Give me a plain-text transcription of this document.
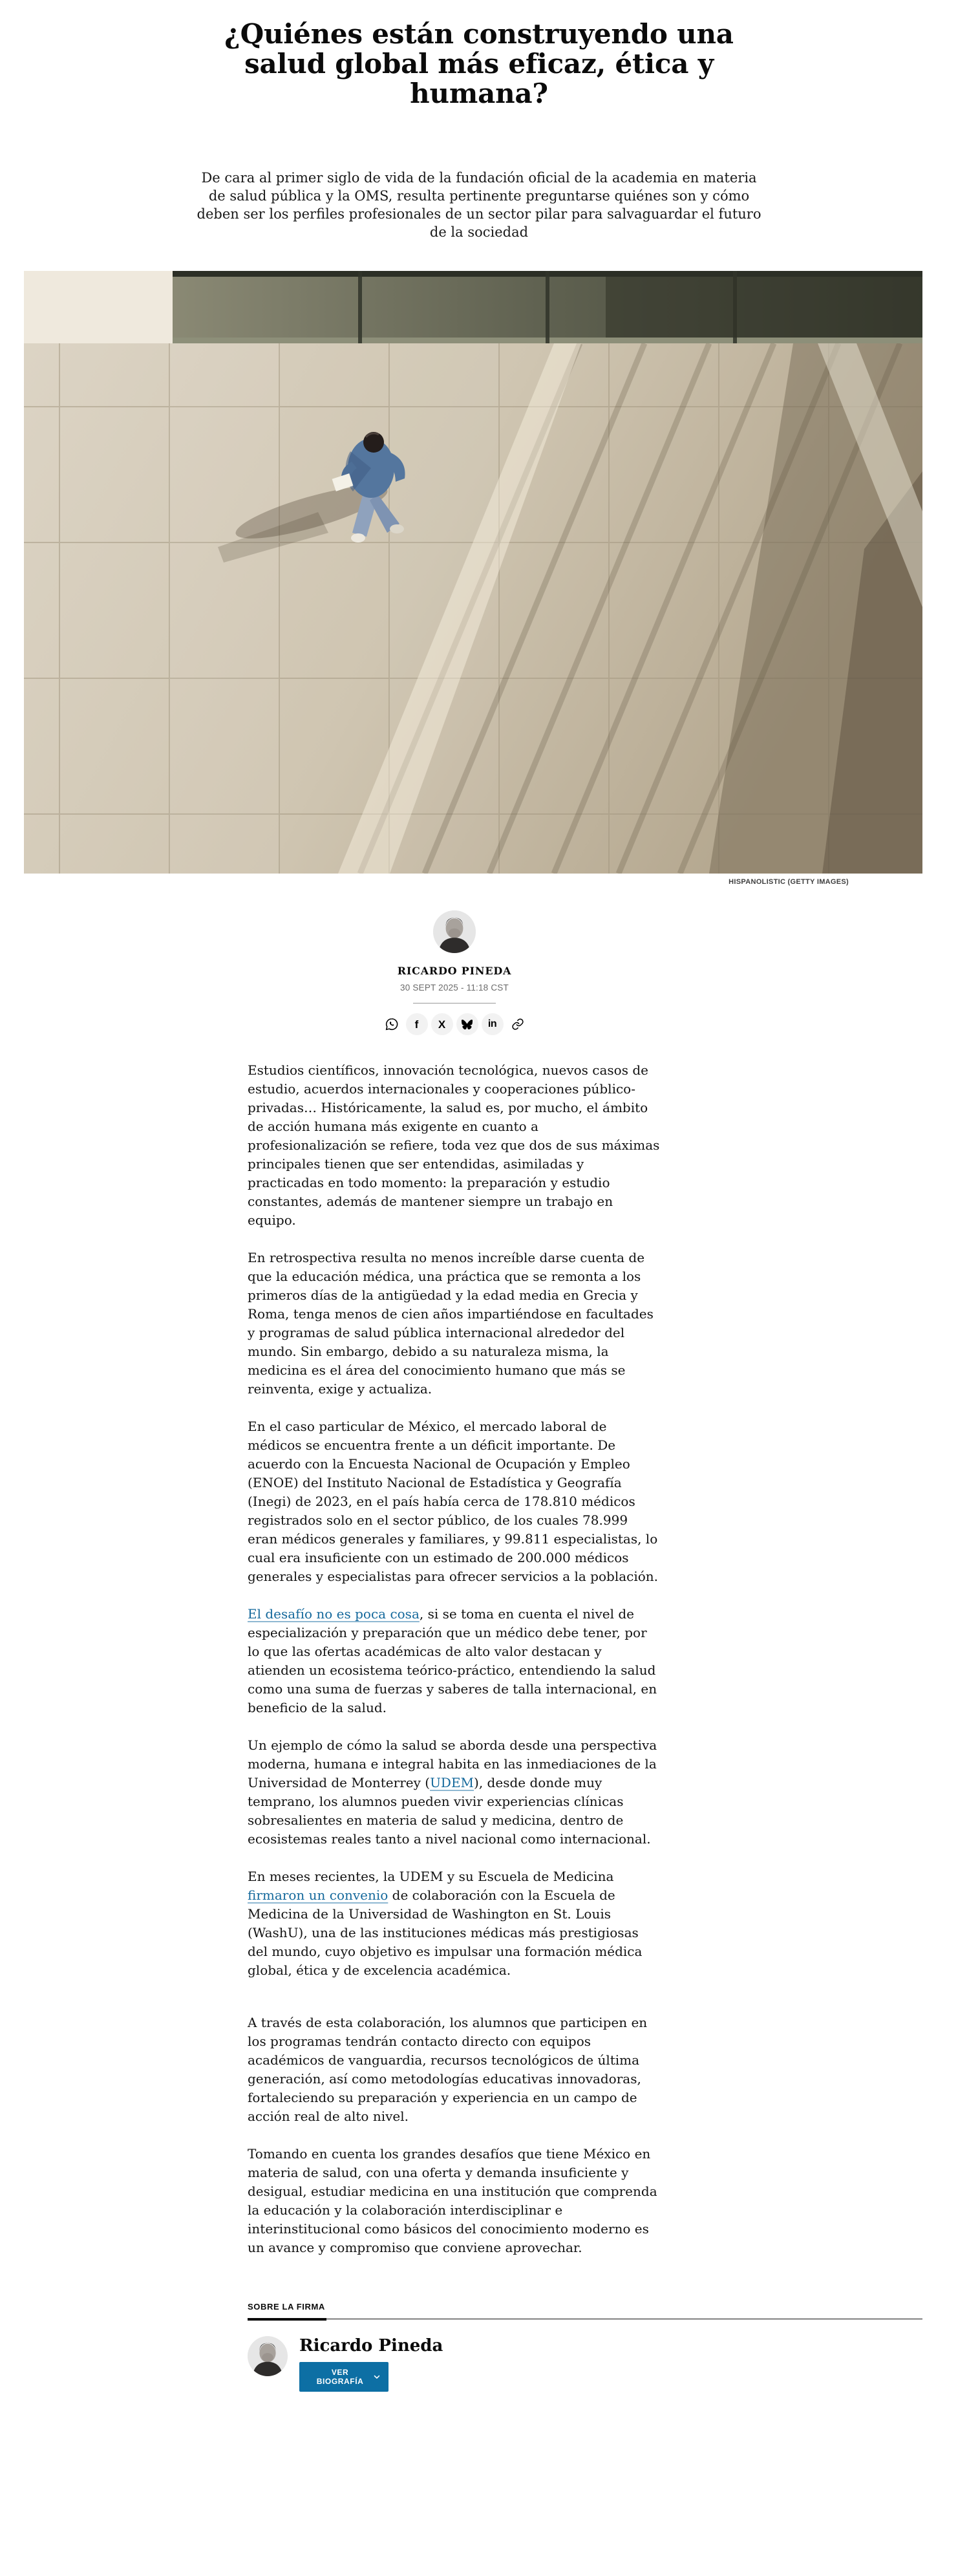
¿Quiénes están construyendo una salud global más eficaz, ética y humana?

De cara al primer siglo de vida de la fundación oficial de la academia en materia de salud pública y la OMS, resulta pertinente preguntarse quiénes son y cómo deben ser los perfiles profesionales de un sector pilar para salvaguardar el futuro de la sociedad

HISPANOLISTIC (GETTY IMAGES)
RICARDO PINEDA
30 SEPT 2025 - 11:18 CST
f X	in

Estudios científicos, innovación tecnológica, nuevos casos de estudio, acuerdos internacionales y cooperaciones público-privadas… Históricamente, la salud es, por mucho, el ámbito de acción humana más exigente en cuanto a profesionalización se refiere, toda vez que dos de sus máximas principales tienen que ser entendidas, asimiladas y practicadas en todo momento: la preparación y estudio constantes, además de mantener siempre un trabajo en equipo.

En retrospectiva resulta no menos increíble darse cuenta de que la educación médica, una práctica que se remonta a los primeros días de la antigüedad y la edad media en Grecia y Roma, tenga menos de cien años impartiéndose en facultades y programas de salud pública internacional alrededor del mundo. Sin embargo, debido a su naturaleza misma, la medicina es el área del conocimiento humano que más se reinventa, exige y actualiza.

En el caso particular de México, el mercado laboral de médicos se encuentra frente a un déficit importante. De acuerdo con la Encuesta Nacional de Ocupación y Empleo (ENOE) del Instituto Nacional de Estadística y Geografía (Inegi) de 2023, en el país había cerca de 178.810 médicos registrados solo en el sector público, de los cuales 78.999 eran médicos generales y familiares, y 99.811 especialistas, lo cual era insuficiente con un estimado de 200.000 médicos generales y especialistas para ofrecer servicios a la población.

El desafío no es poca cosa, si se toma en cuenta el nivel de especialización y preparación que un médico debe tener, por lo que las ofertas académicas de alto valor destacan y atienden un ecosistema teórico-práctico, entendiendo la salud como una suma de fuerzas y saberes de talla internacional, en beneficio de la salud.

Un ejemplo de cómo la salud se aborda desde una perspectiva moderna, humana e integral habita en las inmediaciones de la Universidad de Monterrey (UDEM), desde donde muy temprano, los alumnos pueden vivir experiencias clínicas sobresalientes en materia de salud y medicina, dentro de ecosistemas reales tanto a nivel nacional como internacional.

En meses recientes, la UDEM y su Escuela de Medicina firmaron un convenio de colaboración con la Escuela de Medicina de la Universidad de Washington en St. Louis (WashU), una de las instituciones médicas más prestigiosas del mundo, cuyo objetivo es impulsar una formación médica global, ética y de excelencia académica.

A través de esta colaboración, los alumnos que participen en los programas tendrán contacto directo con equipos académicos de vanguardia, recursos tecnológicos de última generación, así como metodologías educativas innovadoras, fortaleciendo su preparación y experiencia en un campo de acción real de alto nivel.

Tomando en cuenta los grandes desafíos que tiene México en materia de salud, con una oferta y demanda insuficiente y desigual, estudiar medicina en una institución que comprenda la educación y la colaboración interdisciplinar e interinstitucional como básicos del conocimiento moderno es un avance y compromiso que conviene aprovechar.

SOBRE LA FIRMA
Ricardo Pineda
VER BIOGRAFÍA
